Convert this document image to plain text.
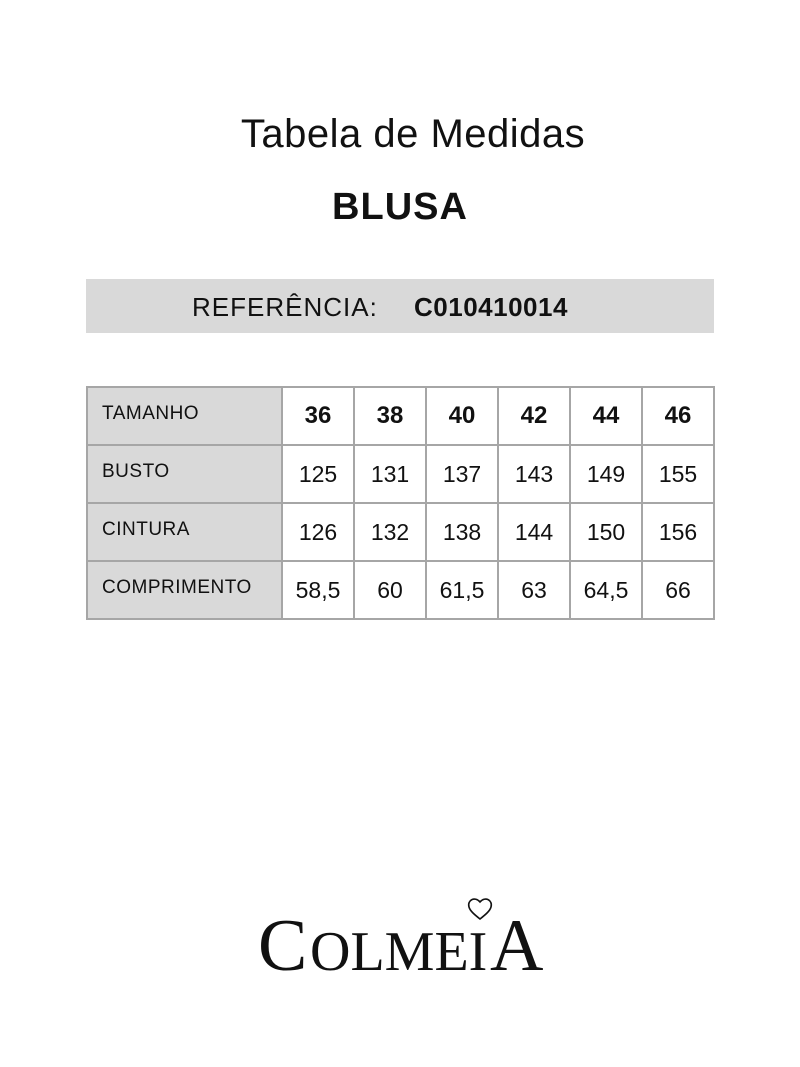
Tabela de Medidas
BLUSA
REFERÊNCIA: C010410014
TAMANHO	36	38	40	42	44	46
BUSTO	125	131	137	143	149	155
CINTURA	126	132	138	144	150	156
COMPRIMENTO	58,5	60	61,5	63	64,5	66
C OLMEI A
